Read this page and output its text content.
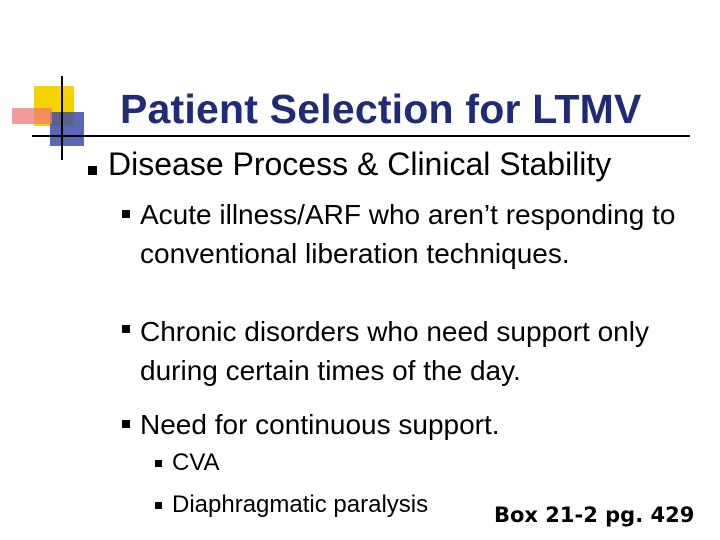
Patient Selection for LTMV
Disease Process & Clinical Stability
Acute illness/ARF who aren’t responding to conventional liberation techniques.
Chronic disorders who need support only during certain times of the day.
Need for continuous support.
CVA
Diaphragmatic paralysis	Box 21-2 pg. 429
